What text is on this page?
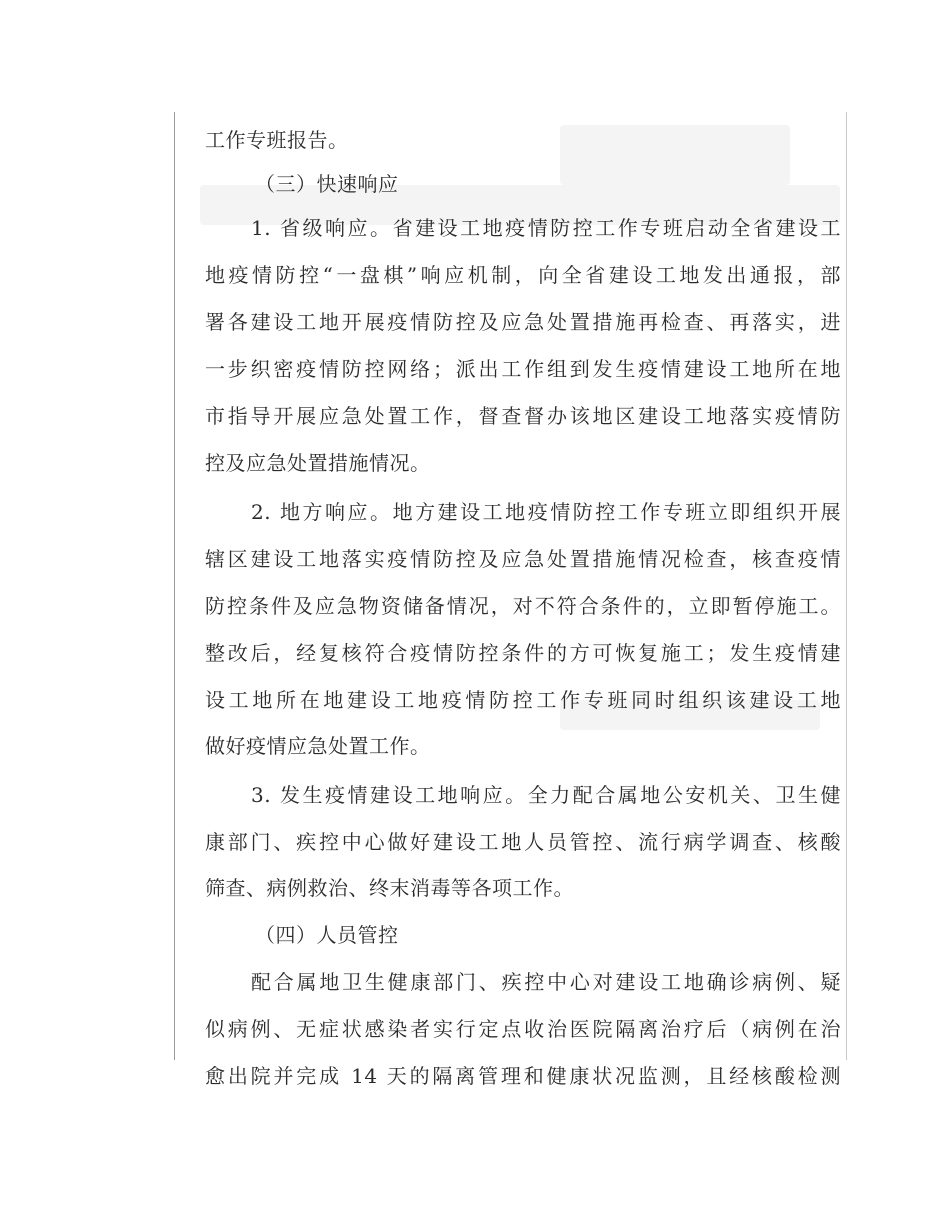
工作专班报告。
（三）快速响应
1. 省级响应。省建设工地疫情防控工作专班启动全省建设工
地疫情防控“一盘棋”响应机制，向全省建设工地发出通报，部
署各建设工地开展疫情防控及应急处置措施再检查、再落实，进
一步织密疫情防控网络；派出工作组到发生疫情建设工地所在地
市指导开展应急处置工作，督查督办该地区建设工地落实疫情防
控及应急处置措施情况。
2. 地方响应。地方建设工地疫情防控工作专班立即组织开展
辖区建设工地落实疫情防控及应急处置措施情况检查，核查疫情
防控条件及应急物资储备情况，对不符合条件的，立即暂停施工。
整改后，经复核符合疫情防控条件的方可恢复施工；发生疫情建
设工地所在地建设工地疫情防控工作专班同时组织该建设工地
做好疫情应急处置工作。
3. 发生疫情建设工地响应。全力配合属地公安机关、卫生健
康部门、疾控中心做好建设工地人员管控、流行病学调查、核酸
筛查、病例救治、终末消毒等各项工作。
（四）人员管控
配合属地卫生健康部门、疾控中心对建设工地确诊病例、疑
似病例、无症状感染者实行定点收治医院隔离治疗后（病例在治
愈出院并完成 14 天的隔离管理和健康状况监测，且经核酸检测
